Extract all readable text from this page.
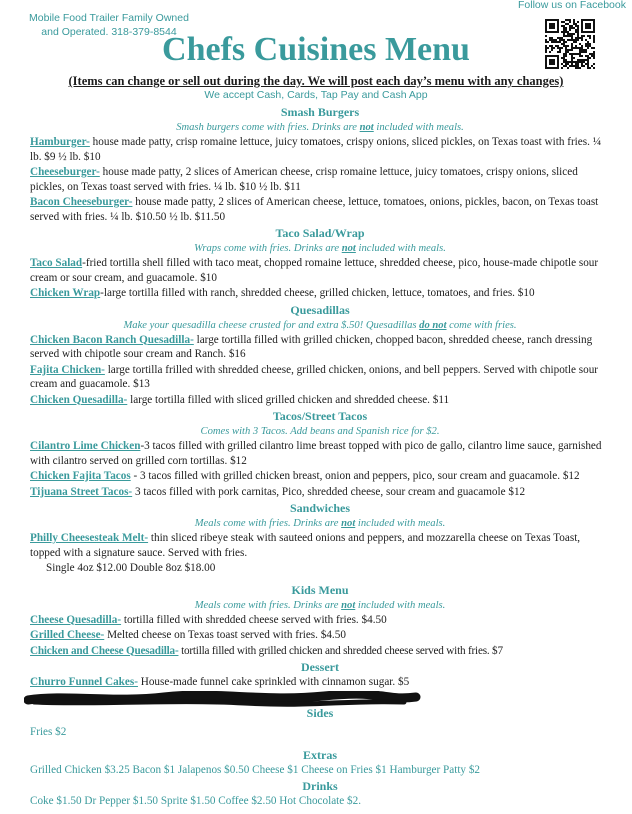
Mobile Food Trailer Family Owned
and Operated. 318-379-8544
Follow us on Facebook
Chefs Cuisines Menu
(Items can change or sell out during the day. We will post each day’s menu with any changes)
We accept Cash, Cards, Tap Pay and Cash App
Smash Burgers
Smash burgers come with fries. Drinks are not included with meals.
Hamburger- house made patty, crisp romaine lettuce, juicy tomatoes, crispy onions, sliced pickles, on Texas toast with fries. ¼ lb. $9 ½ lb. $10
Cheeseburger- house made patty, 2 slices of American cheese, crisp romaine lettuce, juicy tomatoes, crispy onions, sliced pickles, on Texas toast served with fries. ¼ lb. $10 ½ lb. $11
Bacon Cheeseburger- house made patty, 2 slices of American cheese, lettuce, tomatoes, onions, pickles, bacon, on Texas toast served with fries. ¼ lb. $10.50 ½ lb. $11.50
Taco Salad/Wrap
Wraps come with fries. Drinks are not included with meals.
Taco Salad-fried tortilla shell filled with taco meat, chopped romaine lettuce, shredded cheese, pico, house-made chipotle sour cream or sour cream, and guacamole. $10
Chicken Wrap-large tortilla filled with ranch, shredded cheese, grilled chicken, lettuce, tomatoes, and fries. $10
Quesadillas
Make your quesadilla cheese crusted for and extra $.50! Quesadillas do not come with fries.
Chicken Bacon Ranch Quesadilla- large tortilla filled with grilled chicken, chopped bacon, shredded cheese, ranch dressing served with chipotle sour cream and Ranch. $16
Fajita Chicken- large tortilla frilled with shredded cheese, grilled chicken, onions, and bell peppers. Served with chipotle sour cream and guacamole. $13
Chicken Quesadilla- large tortilla filled with sliced grilled chicken and shredded cheese. $11
Tacos/Street Tacos
Comes with 3 Tacos. Add beans and Spanish rice for $2.
Cilantro Lime Chicken-3 tacos filled with grilled cilantro lime breast topped with pico de gallo, cilantro lime sauce, garnished with cilantro served on grilled corn tortillas. $12
Chicken Fajita Tacos - 3 tacos filled with grilled chicken breast, onion and peppers, pico, sour cream and guacamole. $12
Tijuana Street Tacos- 3 tacos filled with pork carnitas, Pico, shredded cheese, sour cream and guacamole $12
Sandwiches
Meals come with fries. Drinks are not included with meals.
Philly Cheesesteak Melt- thin sliced ribeye steak with sauteed onions and peppers, and mozzarella cheese on Texas Toast, topped with a signature sauce. Served with fries.
Single 4oz $12.00 Double 8oz $18.00
Kids Menu
Meals come with fries. Drinks are not included with meals.
Cheese Quesadilla- tortilla filled with shredded cheese served with fries. $4.50
Grilled Cheese- Melted cheese on Texas toast served with fries. $4.50
Chicken and Cheese Quesadilla- tortilla filled with grilled chicken and shredded cheese served with fries. $7
Dessert
Churro Funnel Cakes- House-made funnel cake sprinkled with cinnamon sugar. $5
Sides
Fries $2
Extras
Grilled Chicken $3.25 Bacon $1 Jalapenos $0.50 Cheese $1 Cheese on Fries $1 Hamburger Patty $2
Drinks
Coke $1.50 Dr Pepper $1.50 Sprite $1.50 Coffee $2.50 Hot Chocolate $2.
